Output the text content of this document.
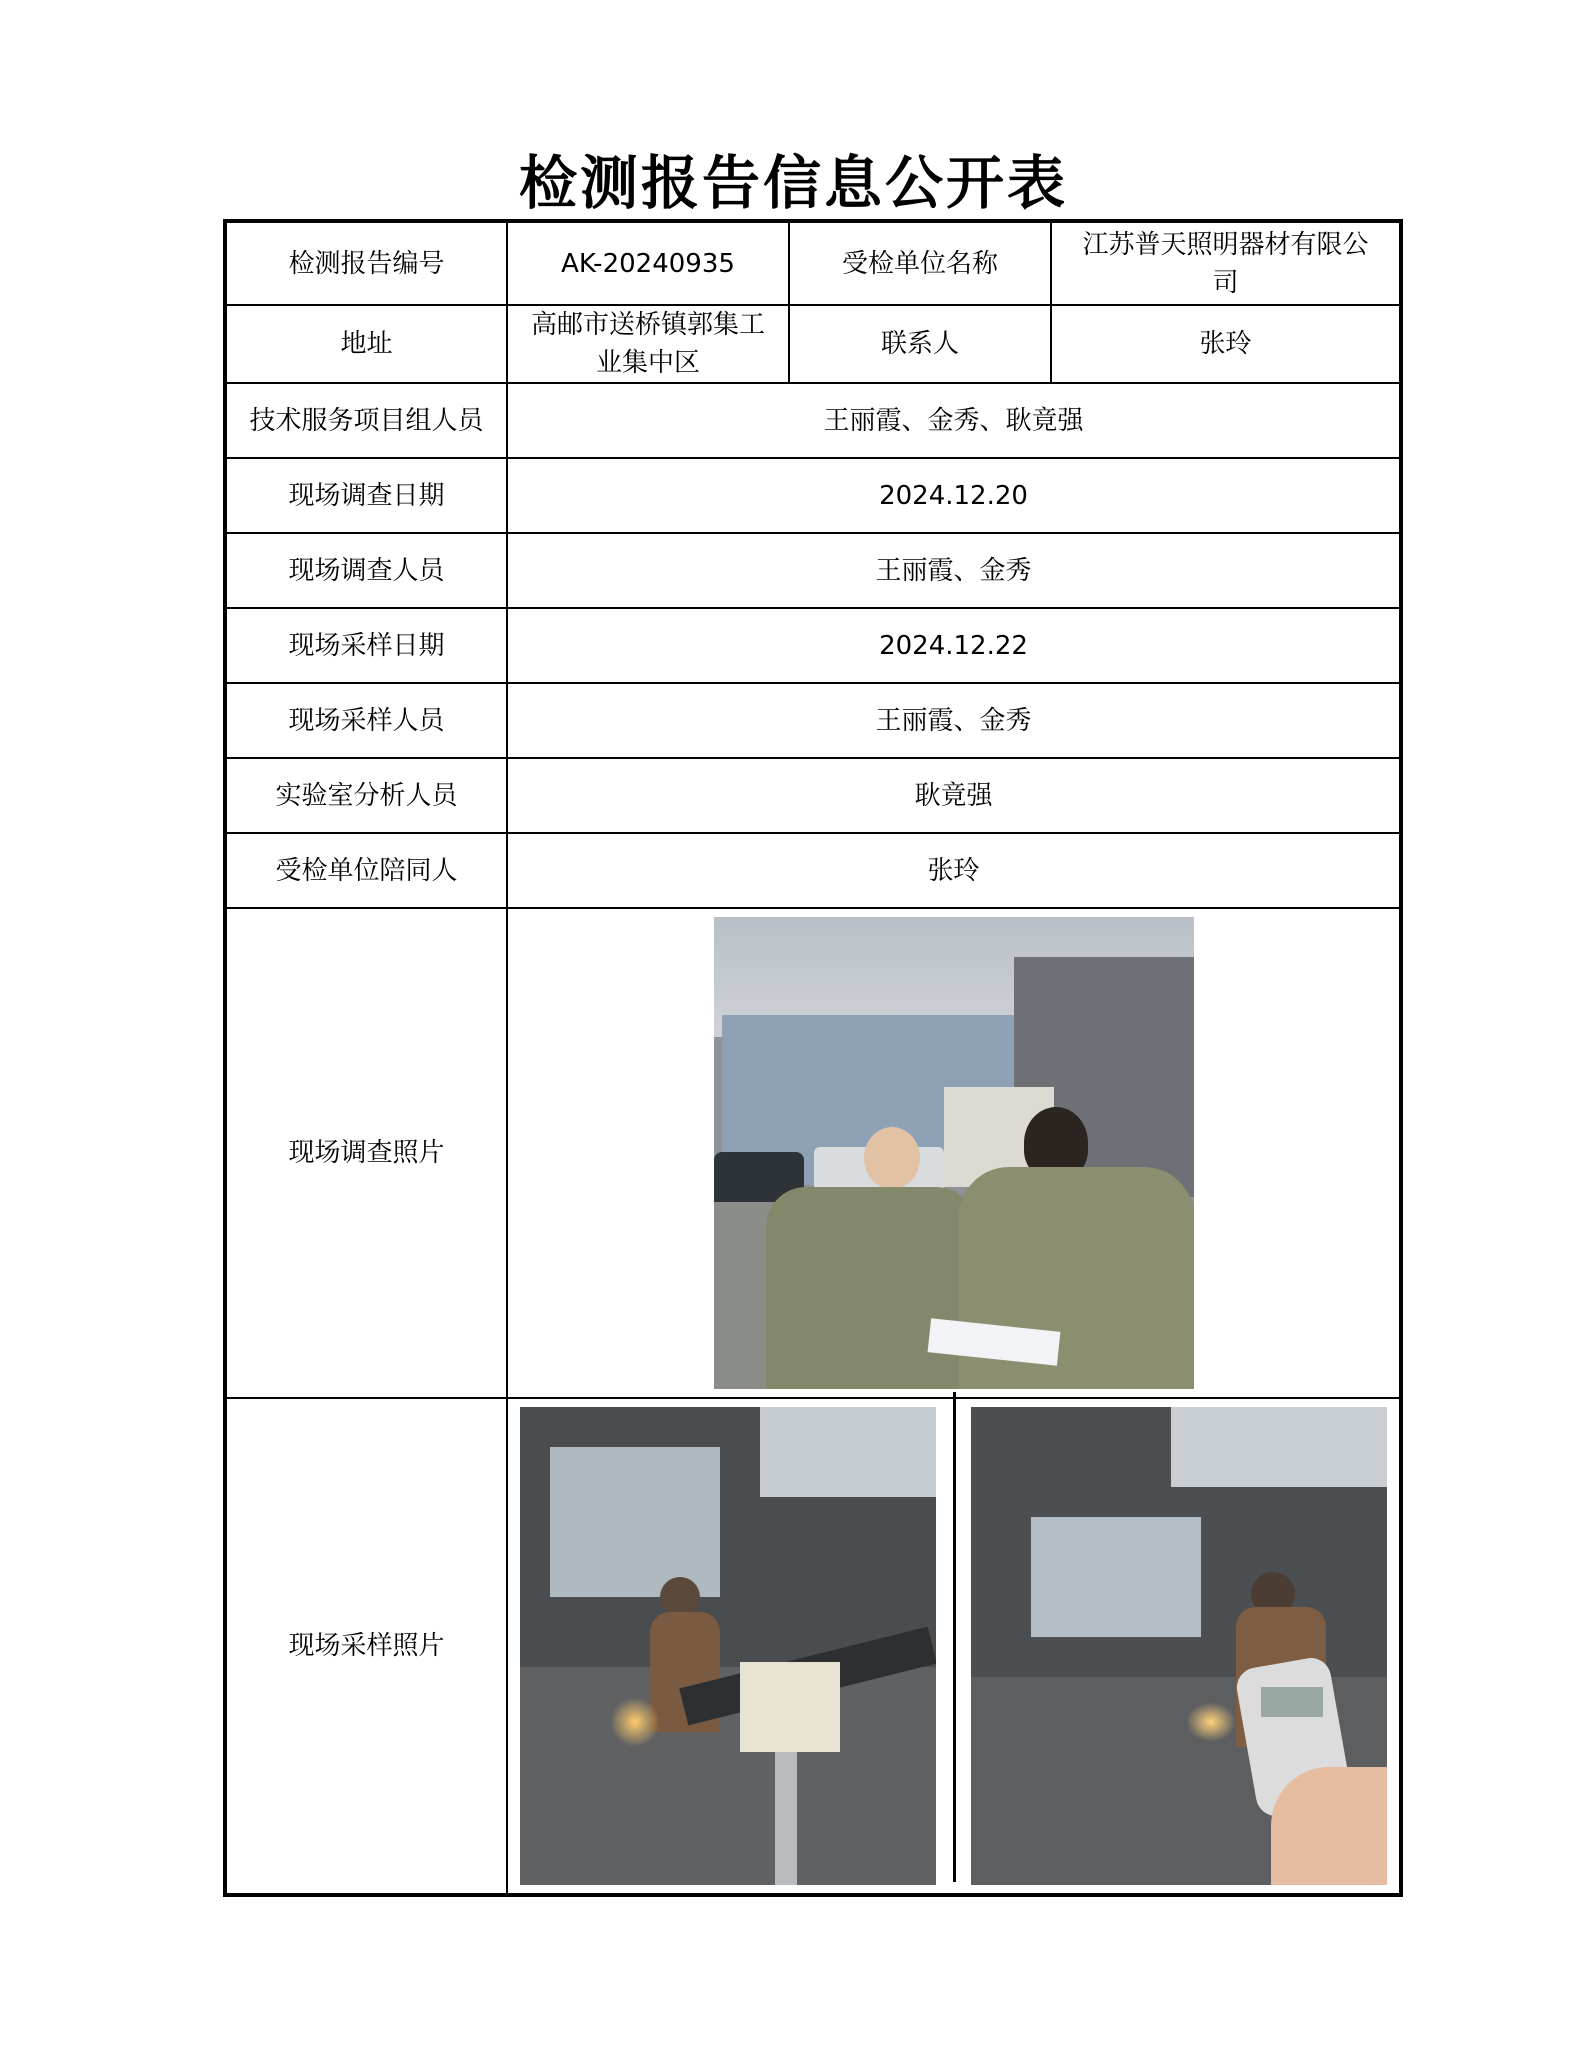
检测报告信息公开表
检测报告编号	AK-20240935	受检单位名称	江苏普天照明器材有限公司
地址	高邮市送桥镇郭集工业集中区	联系人	张玲
技术服务项目组人员	王丽霞、金秀、耿竟强		
现场调查日期	2024.12.20		
现场调查人员	王丽霞、金秀		
现场采样日期	2024.12.22		
现场采样人员	王丽霞、金秀		
实验室分析人员	耿竟强		
受检单位陪同人	张玲		
现场调查照片			

现场采样照片			
